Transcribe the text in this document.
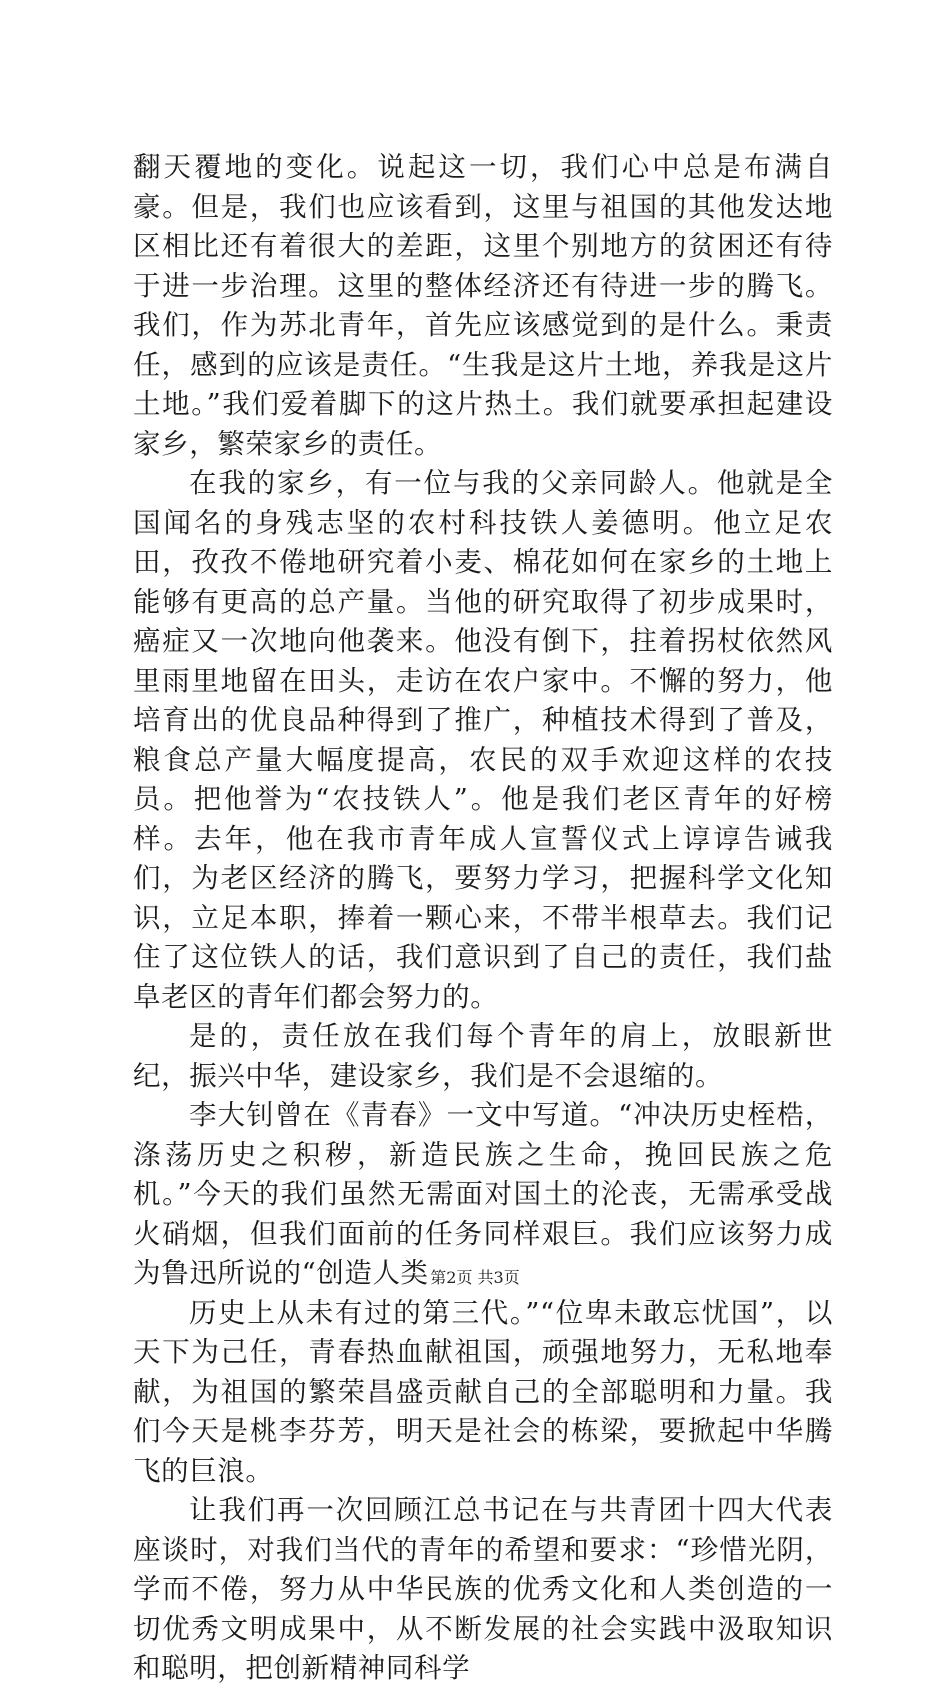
翻天覆地的变化。说起这一切，我们心中总是布满自豪。但是，我们也应该看到，这里与祖国的其他发达地区相比还有着很大的差距，这里个别地方的贫困还有待于进一步治理。这里的整体经济还有待进一步的腾飞。我们，作为苏北青年，首先应该感觉到的是什么。秉责任，感到的应该是责任。“生我是这片土地，养我是这片土地。”我们爱着脚下的这片热土。我们就要承担起建设家乡，繁荣家乡的责任。

在我的家乡，有一位与我的父亲同龄人。他就是全国闻名的身残志坚的农村科技铁人姜德明。他立足农田，孜孜不倦地研究着小麦、棉花如何在家乡的土地上能够有更高的总产量。当他的研究取得了初步成果时，癌症又一次地向他袭来。他没有倒下，拄着拐杖依然风里雨里地留在田头，走访在农户家中。不懈的努力，他培育出的优良品种得到了推广，种植技术得到了普及，粮食总产量大幅度提高，农民的双手欢迎这样的农技员。把他誉为“农技铁人”。他是我们老区青年的好榜样。去年，他在我市青年成人宣誓仪式上谆谆告诫我们，为老区经济的腾飞，要努力学习，把握科学文化知识，立足本职，捧着一颗心来，不带半根草去。我们记住了这位铁人的话，我们意识到了自己的责任，我们盐阜老区的青年们都会努力的。

是的，责任放在我们每个青年的肩上，放眼新世纪，振兴中华，建设家乡，我们是不会退缩的。

李大钊曾在《青春》一文中写道。“冲决历史桎梏，涤荡历史之积秽，新造民族之生命，挽回民族之危机。”今天的我们虽然无需面对国土的沦丧，无需承受战火硝烟，但我们面前的任务同样艰巨。我们应该努力成为鲁迅所说的“创造人类

历史上从未有过的第三代。”“位卑未敢忘忧国”，以天下为己任，青春热血献祖国，顽强地努力，无私地奉献，为祖国的繁荣昌盛贡献自己的全部聪明和力量。我们今天是桃李芬芳，明天是社会的栋梁，要掀起中华腾飞的巨浪。

让我们再一次回顾江总书记在与共青团十四大代表座谈时，对我们当代的青年的希望和要求：“珍惜光阴，学而不倦，努力从中华民族的优秀文化和人类创造的一切优秀文明成果中，从不断发展的社会实践中汲取知识和聪明，把创新精神同科学

第2页 共3页
